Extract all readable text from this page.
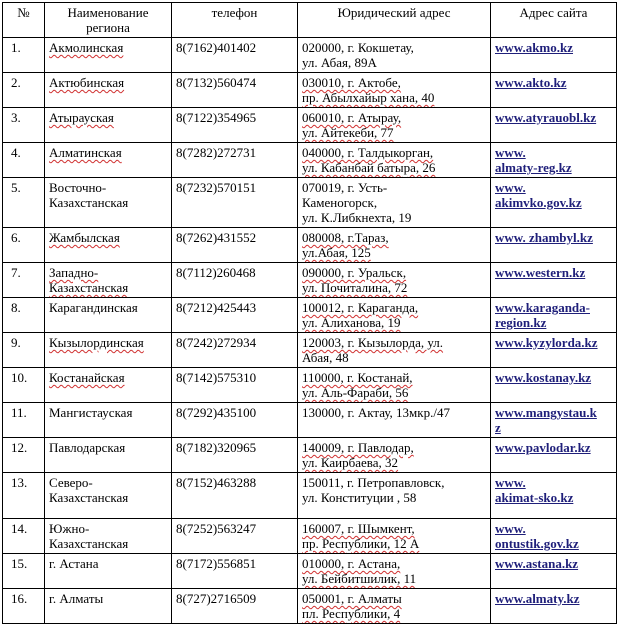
№	Наименование региона	телефон	Юридический адрес	Адрес сайта
1.	Акмолинская	8(7162)401402	020000, г. Кокшетау,
ул. Абая, 89А	www.akmo.kz

2.	Актюбинская	8(7132)560474	030010, г. Актобе,
пр. Абылхайыр хана, 40	www.akto.kz

3.	Атырауская	8(7122)354965	060010, г. Атырау,
ул. Айтекеби, 77	www.atyrauobl.kz

4.	Алматинская	8(7282)272731	040000, г. Талдыкорган,
ул. Кабанбай батыра, 26	www.
almaty-reg.kz

5.	Восточно-
Казахстанская	8(7232)570151	070019, г. Усть-
Каменогорск,
ул. К.Либкнехта, 19	www.
akimvko.gov.kz

6.	Жамбылская	8(7262)431552	080008, г.Тараз,
ул.Абая, 125	www. zhambyl.kz

7.	Западно-
Казахстанская	8(7112)260468	090000, г. Уральск,
ул. Почиталина, 72	www.western.kz

8.	Карагандинская	8(7212)425443	100012, г. Караганда,
ул. Алиханова, 19	www.karaganda-
region.kz

9.	Кызылординская	8(7242)272934	120003, г. Кызылорда, ул.
Абая, 48	www.kyzylorda.kz

10.	Костанайская	8(7142)575310	110000, г. Костанай,
ул. Аль-Фараби, 56	www.kostanay.kz

11.	Мангистауская	8(7292)435100	130000, г. Актау, 13мкр./47	www.mangystau.k
z

12.	Павлодарская	8(7182)320965	140009, г. Павлодар,
ул. Каирбаева, 32	www.pavlodar.kz

13.	Северо-
Казахстанская	8(7152)463288	150011, г. Петропавловск,
ул. Конституции , 58	www.
akimat-sko.kz

14.	Южно-
Казахстанская	8(7252)563247	160007, г. Шымкент,
пр. Республики, 12 А	www.
ontustik.gov.kz

15.	г. Астана	8(7172)556851	010000, г. Астана,
ул. Бейбитшилик, 11	www.astana.kz

16.	г. Алматы	8(727)2716509	050001, г. Алматы
пл. Республики, 4	www.almaty.kz
